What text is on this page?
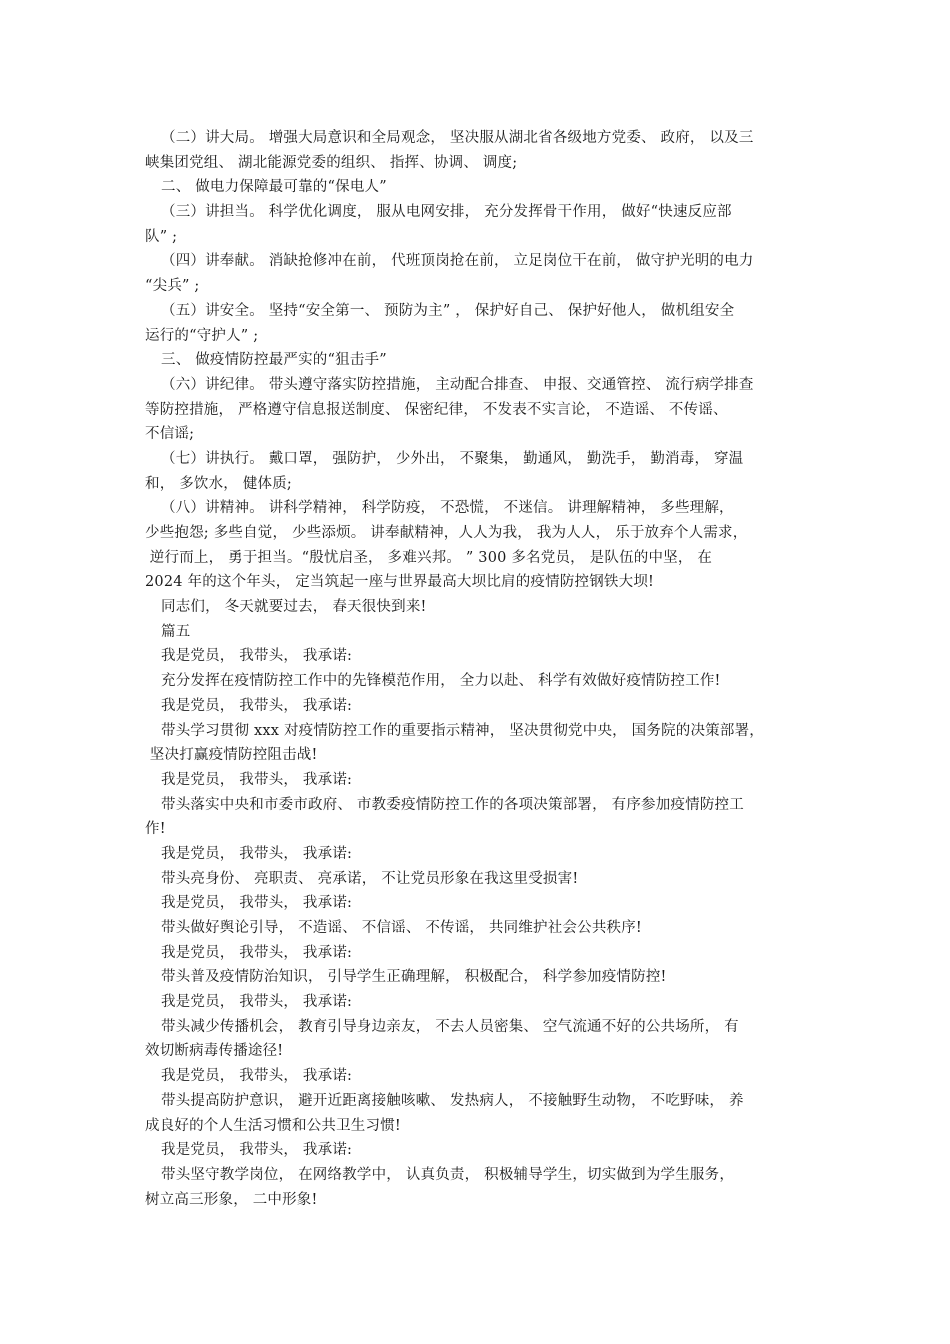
（二）讲大局。 增强大局意识和全局观念， 坚决服从湖北省各级地方党委、 政府， 以及三
峡集团党组、 湖北能源党委的组织、 指挥、协调、 调度;
二、 做电力保障最可靠的“保电人”
（三）讲担当。 科学优化调度， 服从电网安排， 充分发挥骨干作用， 做好“快速反应部
队” ;
（四）讲奉献。 消缺抢修冲在前， 代班顶岗抢在前， 立足岗位干在前， 做守护光明的电力
“尖兵” ;
（五）讲安全。 坚持“安全第一、 预防为主” ， 保护好自己、 保护好他人， 做机组安全
运行的“守护人” ;
三、 做疫情防控最严实的“狙击手”
（六）讲纪律。 带头遵守落实防控措施， 主动配合排查、 申报、交通管控、 流行病学排查
等防控措施， 严格遵守信息报送制度、 保密纪律， 不发表不实言论， 不造谣、 不传谣、
不信谣;
（七）讲执行。 戴口罩， 强防护， 少外出， 不聚集， 勤通风， 勤洗手， 勤消毒， 穿温
和， 多饮水， 健体质;
（八）讲精神。 讲科学精神， 科学防疫， 不恐慌， 不迷信。 讲理解精神， 多些理解，
少些抱怨; 多些自觉， 少些添烦。 讲奉献精神，人人为我， 我为人人， 乐于放弃个人需求，
逆行而上， 勇于担当。“殷忧启圣， 多难兴邦。 ” 300 多名党员， 是队伍的中坚， 在
2024 年的这个年头， 定当筑起一座与世界最高大坝比肩的疫情防控钢铁大坝!
同志们， 冬天就要过去， 春天很快到来!
篇五
我是党员， 我带头， 我承诺:
充分发挥在疫情防控工作中的先锋模范作用， 全力以赴、 科学有效做好疫情防控工作!
我是党员， 我带头， 我承诺:
带头学习贯彻 xxx 对疫情防控工作的重要指示精神， 坚决贯彻党中央， 国务院的决策部署，
坚决打赢疫情防控阻击战!
我是党员， 我带头， 我承诺:
带头落实中央和市委市政府、 市教委疫情防控工作的各项决策部署， 有序参加疫情防控工
作!
我是党员， 我带头， 我承诺:
带头亮身份、 亮职责、 亮承诺， 不让党员形象在我这里受损害!
我是党员， 我带头， 我承诺:
带头做好舆论引导， 不造谣、 不信谣、 不传谣， 共同维护社会公共秩序!
我是党员， 我带头， 我承诺:
带头普及疫情防治知识， 引导学生正确理解， 积极配合， 科学参加疫情防控!
我是党员， 我带头， 我承诺:
带头减少传播机会， 教育引导身边亲友， 不去人员密集、 空气流通不好的公共场所， 有
效切断病毒传播途径!
我是党员， 我带头， 我承诺:
带头提高防护意识， 避开近距离接触咳嗽、 发热病人， 不接触野生动物， 不吃野味， 养
成良好的个人生活习惯和公共卫生习惯!
我是党员， 我带头， 我承诺:
带头坚守教学岗位， 在网络教学中， 认真负责， 积极辅导学生，切实做到为学生服务，
树立高三形象， 二中形象!
